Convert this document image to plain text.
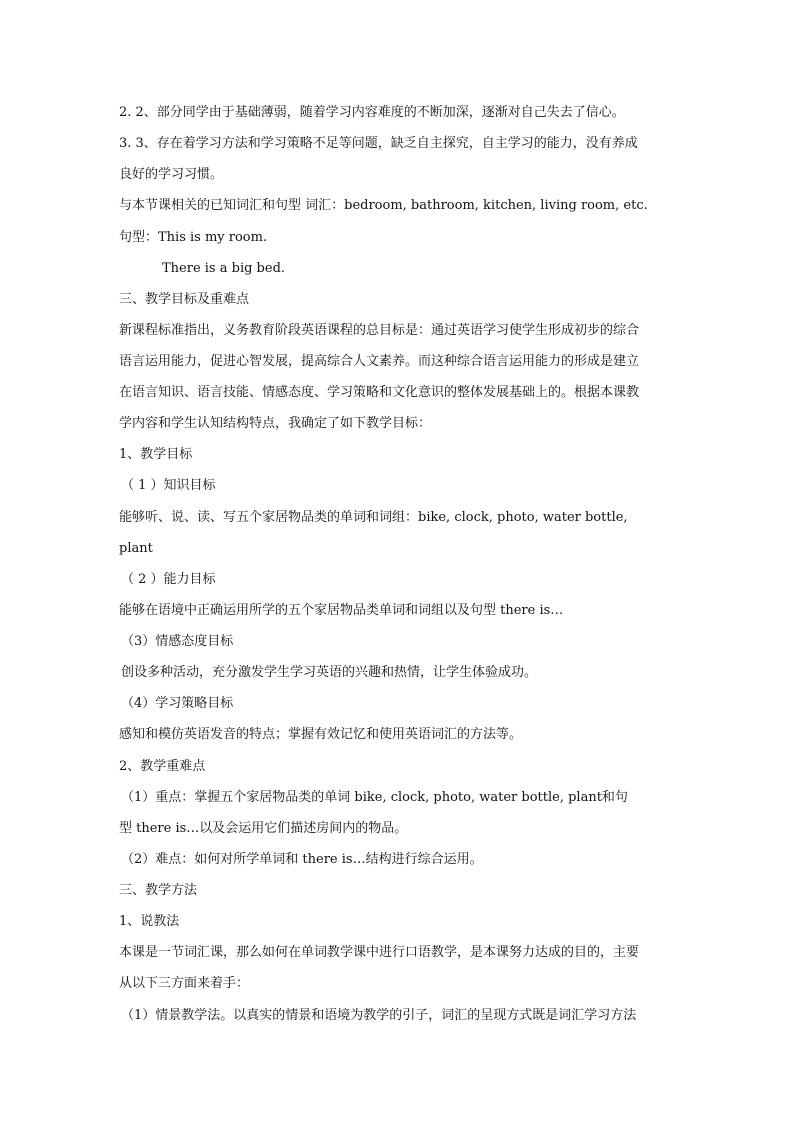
2. 2、部分同学由于基础薄弱，随着学习内容难度的不断加深，逐渐对自己失去了信心。
3. 3、存在着学习方法和学习策略不足等问题，缺乏自主探究，自主学习的能力，没有养成
良好的学习习惯。
与本节课相关的已知词汇和句型 词汇：bedroom, bathroom, kitchen, living room, etc.
句型：This is my room.
There is a big bed.
三、教学目标及重难点
新课程标准指出，义务教育阶段英语课程的总目标是：通过英语学习使学生形成初步的综合
语言运用能力，促进心智发展，提高综合人文素养。而这种综合语言运用能力的形成是建立
在语言知识、语言技能、情感态度、学习策略和文化意识的整体发展基础上的。根据本课教
学内容和学生认知结构特点，我确定了如下教学目标：
1、教学目标
（ 1 ）知识目标
能够听、说、读、写五个家居物品类的单词和词组：bike, clock, photo, water bottle,
plant
（ 2 ）能力目标
能够在语境中正确运用所学的五个家居物品类单词和词组以及句型 there is…
（3）情感态度目标
创设多种活动，充分激发学生学习英语的兴趣和热情，让学生体验成功。
（4）学习策略目标
感知和模仿英语发音的特点；掌握有效记忆和使用英语词汇的方法等。
2、教学重难点
（1）重点：掌握五个家居物品类的单词 bike, clock, photo, water bottle, plant和句
型 there is…以及会运用它们描述房间内的物品。
（2）难点：如何对所学单词和 there is…结构进行综合运用。
三、教学方法
1、说教法
本课是一节词汇课，那么如何在单词教学课中进行口语教学，是本课努力达成的目的，主要
从以下三方面来着手：
（1）情景教学法。以真实的情景和语境为教学的引子，词汇的呈现方式既是词汇学习方法
